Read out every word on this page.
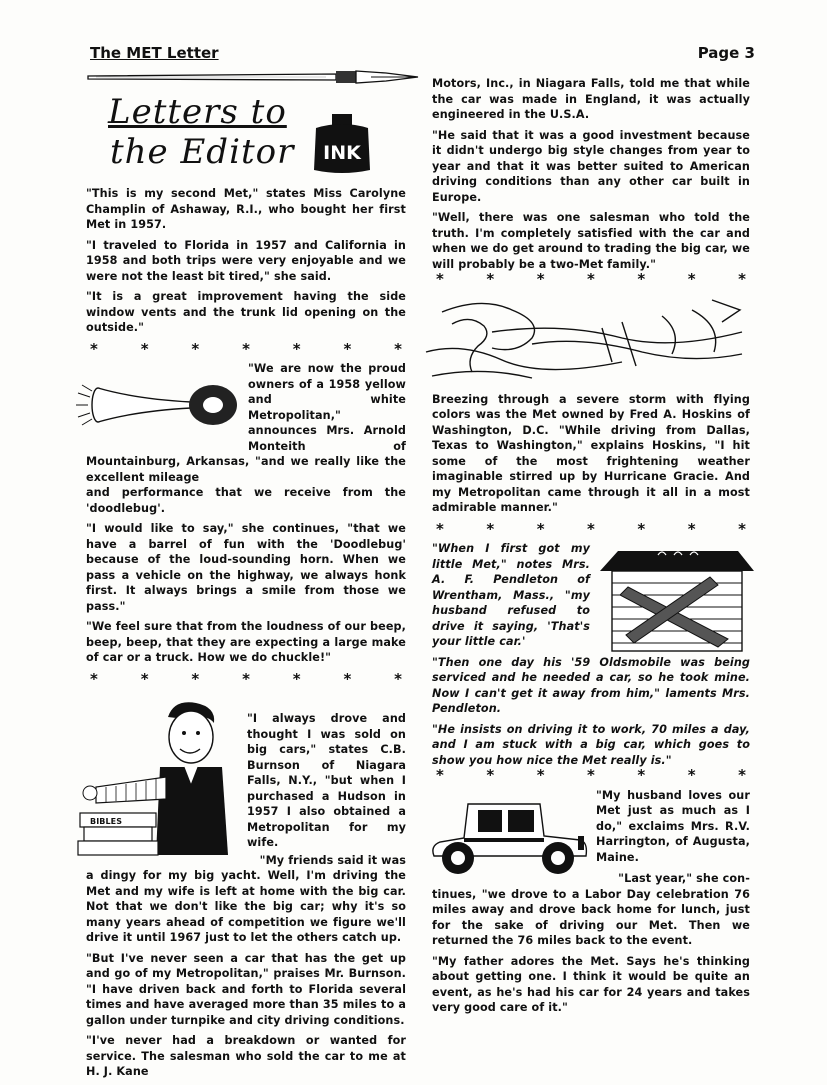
The MET Letter	Page 3
Letters to
the Editor	INK

"This is my second Met," states Miss Carolyne Champlin of Ashaway, R.I., who bought her first Met in 1957.

"I traveled to Florida in 1957 and California in 1958 and both trips were very enjoyable and we were not the least bit tired," she said.

"It is a great improvement having the side window vents and the trunk lid opening on the outside."

*	*	*	*	*	*	*

"We are now the proud owners of a 1958 yellow and white Metropolitan," announces Mrs. Arnold Monteith of Mountainburg, Arkansas, "and we really like the excellent mileage

and performance that we receive from the 'doodlebug'.

"I would like to say," she continues, "that we have a barrel of fun with the 'Doodlebug' because of the loud-sounding horn. When we pass a vehicle on the highway, we always honk first. It always brings a smile from those we pass."

"We feel sure that from the loudness of our beep, beep, beep, that they are expecting a large make of car or a truck. How we do chuckle!"

*	*	*	*	*	*	*
BIBLES

"I always drove and thought I was sold on big cars," states C.B. Burnson of Niagara Falls, N.Y., "but when I purchased a Hudson in 1957 I also obtained a Metropolitan for my wife.

"My friends said it was

a dingy for my big yacht. Well, I'm driving the Met and my wife is left at home with the big car. Not that we don't like the big car; why it's so many years ahead of competition we figure we'll drive it until 1967 just to let the others catch up.

"But I've never seen a car that has the get up and go of my Metropolitan," praises Mr. Burnson. "I have driven back and forth to Florida several times and have averaged more than 35 miles to a gallon under turnpike and city driving conditions.

"I've never had a breakdown or wanted for service. The salesman who sold the car to me at H. J. Kane

Motors, Inc., in Niagara Falls, told me that while the car was made in England, it was actually engineered in the U.S.A.

"He said that it was a good investment because it didn't undergo big style changes from year to year and that it was better suited to American driving conditions than any other car built in Europe.

"Well, there was one salesman who told the truth. I'm completely satisfied with the car and when we do get around to trading the big car, we will probably be a two-Met family."

*	*	*	*	*	*	*

Breezing through a severe storm with flying colors was the Met owned by Fred A. Hoskins of Washington, D.C. "While driving from Dallas, Texas to Washington," explains Hoskins, "I hit some of the most frightening weather imaginable stirred up by Hurricane Gracie. And my Metropolitan came through it all in a most admirable manner."

*	*	*	*	*	*	*

"When I first got my little Met," notes Mrs. A. F. Pendleton of Wrentham, Mass., "my husband refused to drive it saying, 'That's your little car.'

"Then one day his '59 Oldsmobile was being serviced and he needed a car, so he took mine. Now I can't get it away from him," laments Mrs. Pendleton.

"He insists on driving it to work, 70 miles a day, and I am stuck with a big car, which goes to show you how nice the Met really is."

*	*	*	*	*	*	*

"My husband loves our Met just as much as I do," exclaims Mrs. R.V. Harrington, of Augusta, Maine.

"Last year," she con-

tinues, "we drove to a Labor Day celebration 76 miles away and drove back home for lunch, just for the sake of driving our Met. Then we returned the 76 miles back to the event.

"My father adores the Met. Says he's thinking about getting one. I think it would be quite an event, as he's had his car for 24 years and takes very good care of it."
